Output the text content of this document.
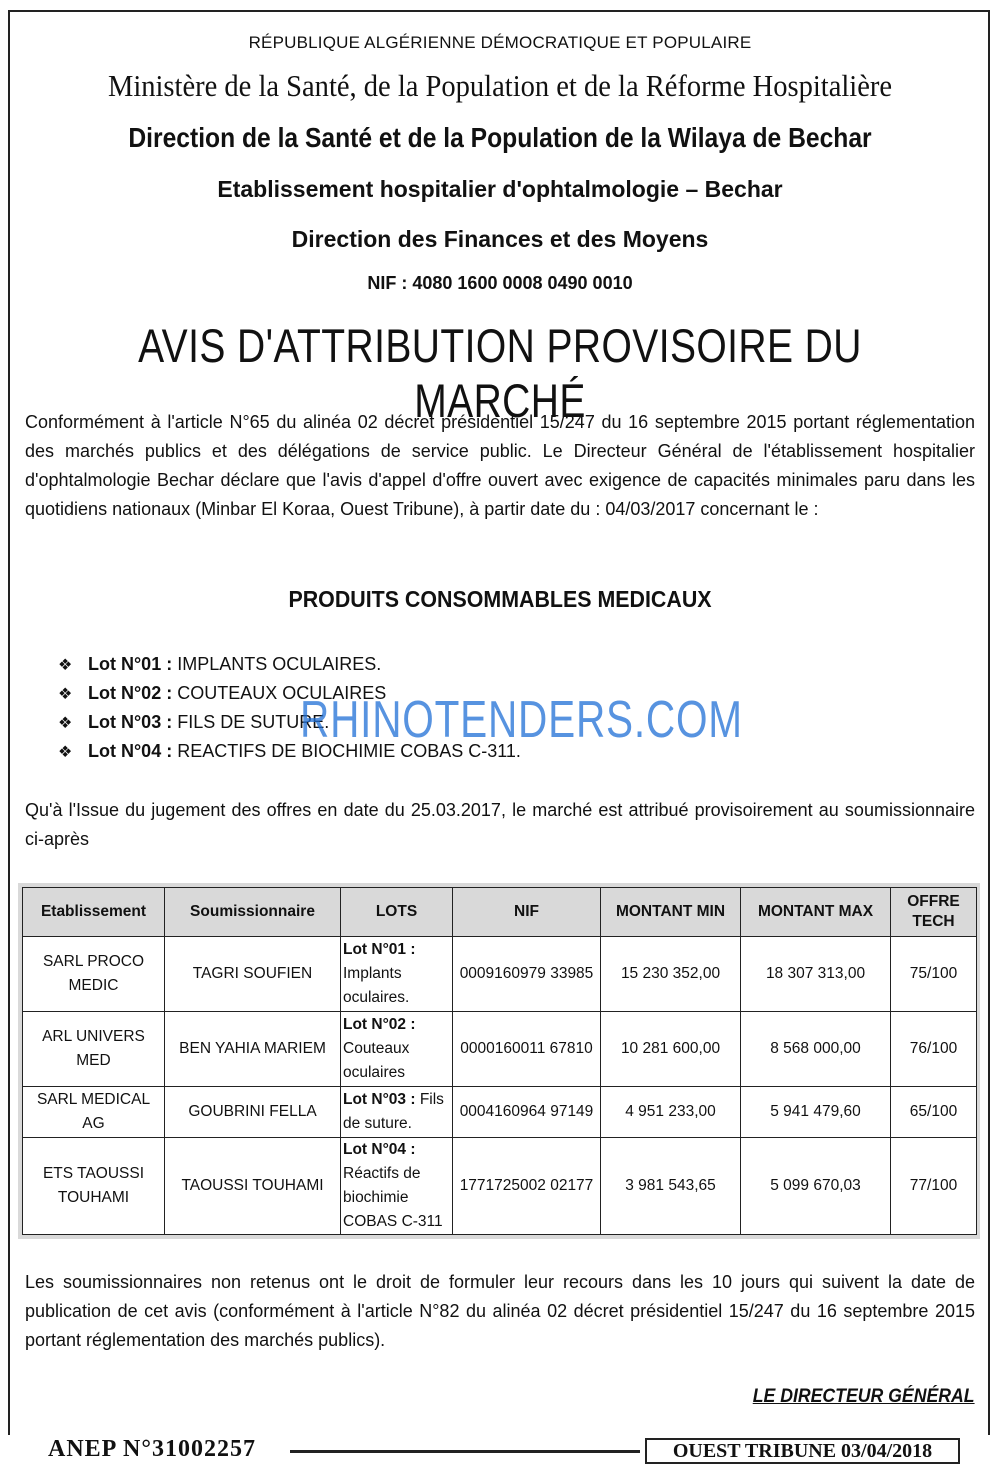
RÉPUBLIQUE ALGÉRIENNE DÉMOCRATIQUE ET POPULAIRE

Ministère de la Santé, de la Population et de la Réforme Hospitalière

Direction de la Santé et de la Population de la Wilaya de Bechar

Etablissement hospitalier d'ophtalmologie – Bechar

Direction des Finances et des Moyens

NIF : 4080 1600 0008 0490 0010

AVIS D'ATTRIBUTION PROVISOIRE DU MARCHÉ

Conformément à l'article N°65 du alinéa 02 décret présidentiel 15/247 du 16 septembre 2015 portant réglementation des marchés publics et des délégations de service public. Le Directeur Général de l'établissement hospitalier d'ophtalmologie Bechar déclare que l'avis d'appel d'offre ouvert avec exigence de capacités minimales paru dans les quotidiens nationaux (Minbar El Koraa, Ouest Tribune), à partir date du : 04/03/2017 concernant le :

PRODUITS CONSOMMABLES MEDICAUX
❖ Lot N°01 : IMPLANTS OCULAIRES.
❖ Lot N°02 : COUTEAUX OCULAIRES
❖ Lot N°03 : FILS DE SUTURE.
❖ Lot N°04 : REACTIFS DE BIOCHIMIE COBAS C-311.
RHINOTENDERS.COM

Qu'à l'Issue du jugement des offres en date du 25.03.2017, le marché est attribué provisoirement au soumissionnaire ci-après

Etablissement	Soumissionnaire	LOTS	NIF	MONTANT MIN	MONTANT MAX	OFFRE TECH
SARL PROCO MEDIC	TAGRI SOUFIEN	Lot N°01 : Implants oculaires.	0009160979 33985	15 230 352,00	18 307 313,00	75/100
ARL UNIVERS MED	BEN YAHIA MARIEM	Lot N°02 : Couteaux oculaires	0000160011 67810	10 281 600,00	8 568 000,00	76/100
SARL MEDICAL AG	GOUBRINI FELLA	Lot N°03 : Fils de suture.	0004160964 97149	4 951 233,00	5 941 479,60	65/100
ETS TAOUSSI TOUHAMI	TAOUSSI TOUHAMI	Lot N°04 : Réactifs de biochimie COBAS C-311	1771725002 02177	3 981 543,65	5 099 670,03	77/100

Les soumissionnaires non retenus ont le droit de formuler leur recours dans les 10 jours qui suivent la date de publication de cet avis (conformément à l'article N°82 du alinéa 02 décret présidentiel 15/247 du 16 septembre 2015 portant réglementation des marchés publics).

LE DIRECTEUR GÉNÉRAL
ANEP N°31002257	OUEST TRIBUNE 03/04/2018
